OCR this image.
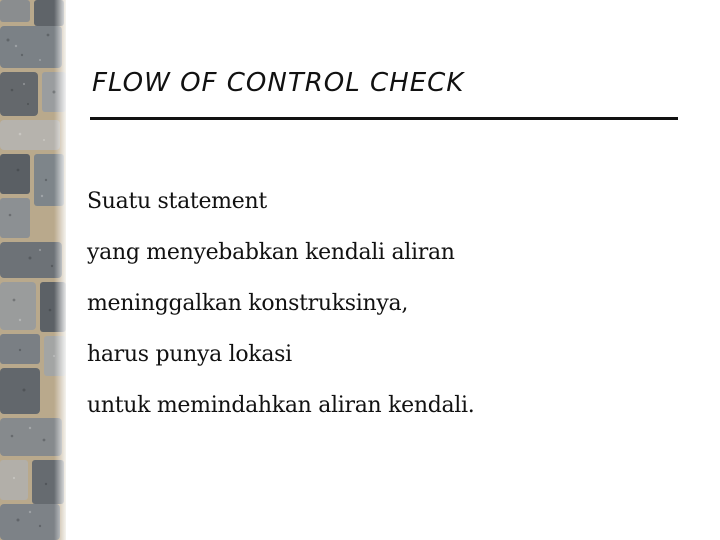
FLOW OF CONTROL CHECK
Suatu statement
yang menyebabkan kendali aliran
meninggalkan konstruksinya,
harus punya lokasi
untuk memindahkan aliran kendali.
